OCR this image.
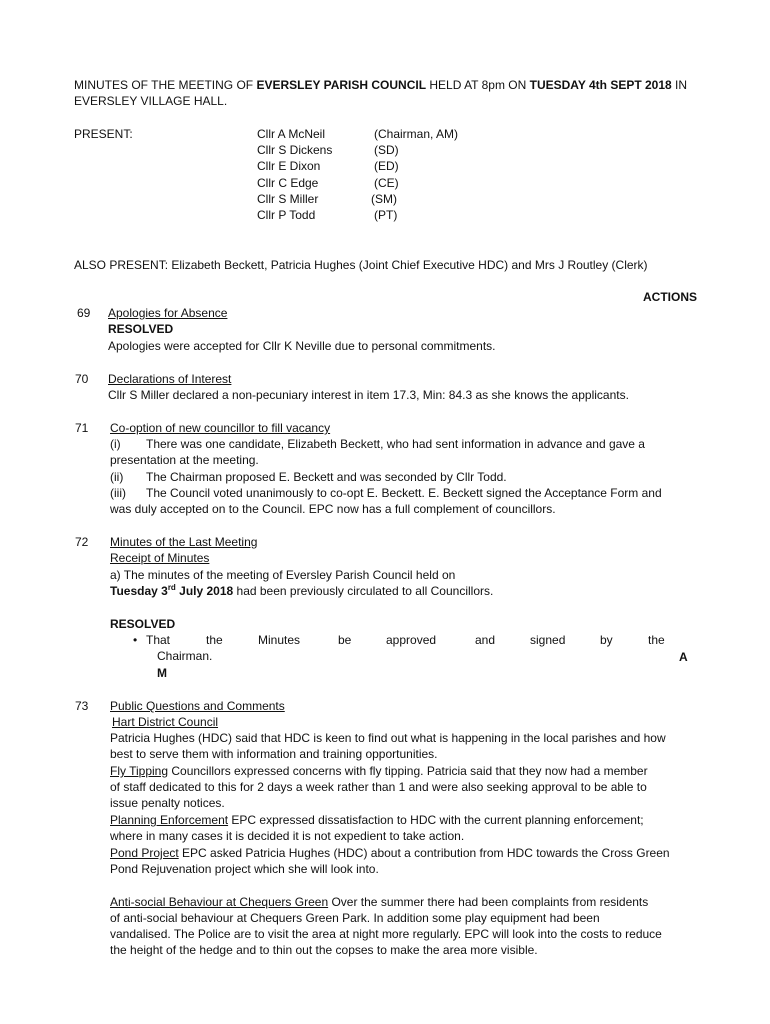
MINUTES OF THE MEETING OF EVERSLEY PARISH COUNCIL HELD AT 8pm ON TUESDAY 4th SEPT 2018 IN
EVERSLEY VILLAGE HALL.
PRESENT:	Cllr A McNeil	(Chairman, AM)
Cllr S Dickens	(SD)
Cllr E Dixon	(ED)
Cllr C Edge	(CE)
Cllr S Miller	(SM)
Cllr P Todd	(PT)
ALSO PRESENT: Elizabeth Beckett, Patricia Hughes (Joint Chief Executive HDC) and Mrs J Routley (Clerk)
ACTIONS
69 Apologies for Absence
RESOLVED
Apologies were accepted for Cllr K Neville due to personal commitments.
70 Declarations of Interest
Cllr S Miller declared a non-pecuniary interest in item 17.3, Min: 84.3 as she knows the applicants.
71 Co-option of new councillor to fill vacancy
(i) There was one candidate, Elizabeth Beckett, who had sent information in advance and gave a
presentation at the meeting.
(ii) The Chairman proposed E. Beckett and was seconded by Cllr Todd.
(iii) The Council voted unanimously to co-opt E. Beckett. E. Beckett signed the Acceptance Form and
was duly accepted on to the Council. EPC now has a full complement of councillors.
72 Minutes of the Last Meeting
Receipt of Minutes
a) The minutes of the meeting of Eversley Parish Council held on
Tuesday 3rd July 2018 had been previously circulated to all Councillors.
RESOLVED
• That	the	Minutes	be	approved	and	signed	by	the
Chairman.	A
M
73 Public Questions and Comments
Hart District Council
Patricia Hughes (HDC) said that HDC is keen to find out what is happening in the local parishes and how
best to serve them with information and training opportunities.
Fly Tipping Councillors expressed concerns with fly tipping. Patricia said that they now had a member
of staff dedicated to this for 2 days a week rather than 1 and were also seeking approval to be able to
issue penalty notices.
Planning Enforcement EPC expressed dissatisfaction to HDC with the current planning enforcement;
where in many cases it is decided it is not expedient to take action.
Pond Project EPC asked Patricia Hughes (HDC) about a contribution from HDC towards the Cross Green
Pond Rejuvenation project which she will look into.
Anti-social Behaviour at Chequers Green Over the summer there had been complaints from residents
of anti-social behaviour at Chequers Green Park. In addition some play equipment had been
vandalised. The Police are to visit the area at night more regularly. EPC will look into the costs to reduce
the height of the hedge and to thin out the copses to make the area more visible.
